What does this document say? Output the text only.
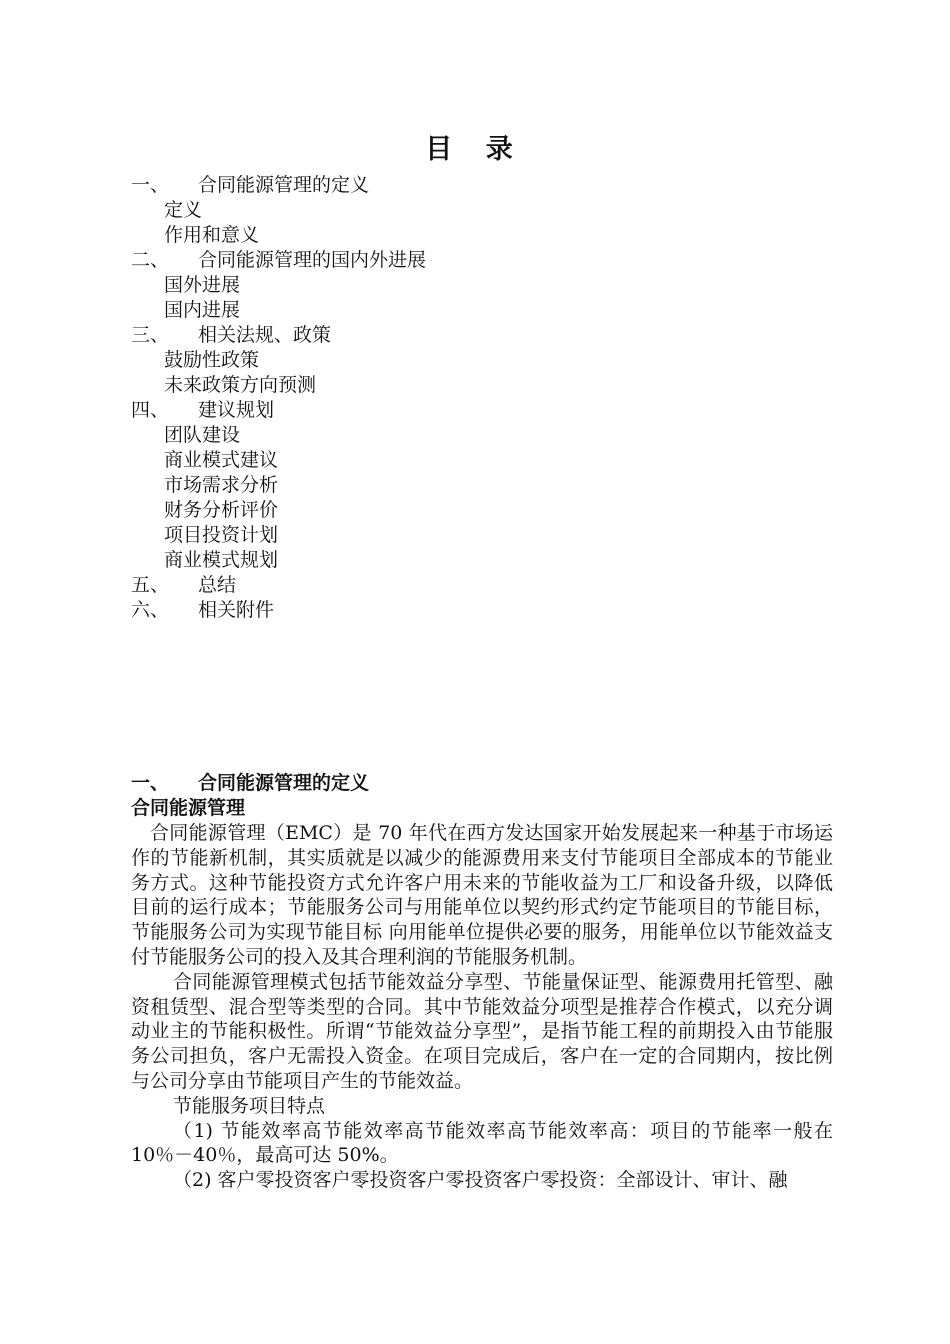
目 录
一、 合同能源管理的定义
定义
作用和意义
二、 合同能源管理的国内外进展
国外进展
国内进展
三、 相关法规、政策
鼓励性政策
未来政策方向预测
四、 建议规划
团队建设
商业模式建议
市场需求分析
财务分析评价
项目投资计划
商业模式规划
五、 总结
六、 相关附件
一、 合同能源管理的定义
合同能源管理

合同能源管理（EMC）是 70 年代在西方发达国家开始发展起来一种基于市场运作的节能新机制，其实质就是以减少的能源费用来支付节能项目全部成本的节能业务方式。这种节能投资方式允许客户用未来的节能收益为工厂和设备升级，以降低目前的运行成本；节能服务公司与用能单位以契约形式约定节能项目的节能目标，节能服务公司为实现节能目标 向用能单位提供必要的服务，用能单位以节能效益支付节能服务公司的投入及其合理利润的节能服务机制。

合同能源管理模式包括节能效益分享型、节能量保证型、能源费用托管型、融资租赁型、混合型等类型的合同。其中节能效益分项型是推荐合作模式，以充分调动业主的节能积极性。所谓“节能效益分享型”，是指节能工程的前期投入由节能服务公司担负，客户无需投入资金。在项目完成后，客户在一定的合同期内，按比例与公司分享由节能项目产生的节能效益。

节能服务项目特点

（1) 节能效率高节能效率高节能效率高节能效率高：项目的节能率一般在 10％－40％，最高可达 50%。

（2) 客户零投资客户零投资客户零投资客户零投资：全部设计、审计、融
